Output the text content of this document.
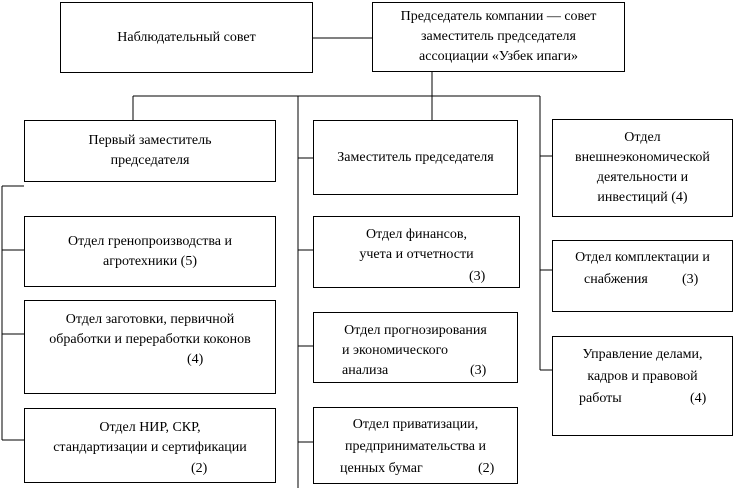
Наблюдательный совет
Председатель компании — совет
заместитель председателя
ассоциации «Узбек ипаги»
Первый заместитель
председателя	Заместитель председателя
Отдел
внешнеэкономической
деятельности и
инвестиций (4)
Отдел гренопроизводства и
агротехники (5)
Отдел заготовки, первичной
обработки и переработки коконов
(4)
Отдел НИР, СКР,
стандартизации и сертификации
(2)
Отдел финансов,
учета и отчетности
(3)
Отдел прогнозирования
и экономического
анализа	(3)
Отдел приватизации,
предпринимательства и
ценных бумаг	(2)
Отдел комплектации и
снабжения (3)
Управление делами,
кадров и правовой
работы	(4)
